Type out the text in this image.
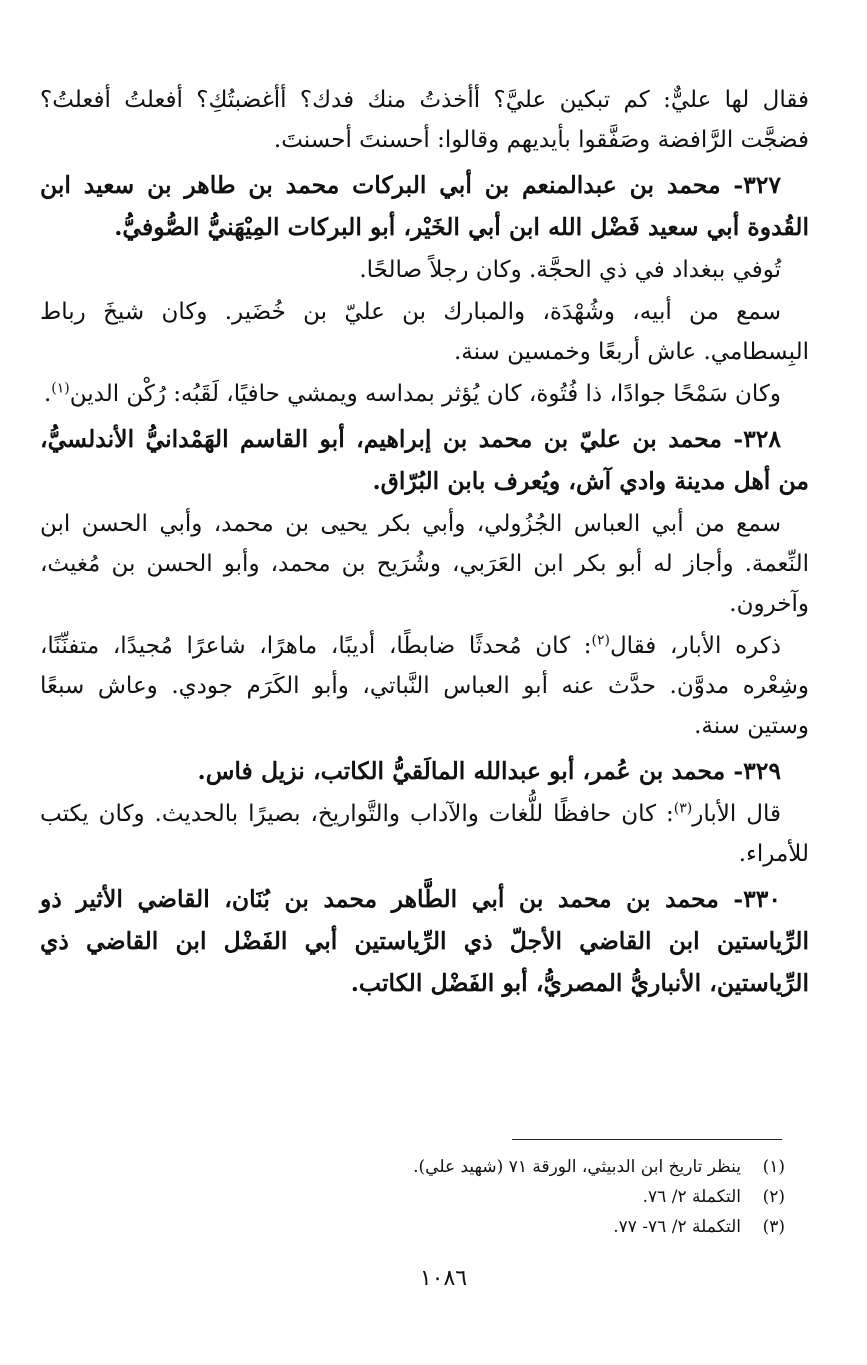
فقال لها عليٌّ: كم تبكين عليَّ؟ أأخذتُ منك فدك؟ أأغضبتُكِ؟ أفعلتُ أفعلتُ؟ فضجَّت الرَّافضة وصَفَّقوا بأيديهم وقالوا: أحسنتَ أحسنتَ.

٣٢٧- محمد بن عبدالمنعم بن أبي البركات محمد بن طاهر بن سعيد ابن القُدوة أبي سعيد فَضْل الله ابن أبي الخَيْر، أبو البركات المِيْهَنيُّ الصُّوفيُّ.

تُوفي ببغداد في ذي الحجَّة. وكان رجلاً صالحًا.

سمع من أبيه، وشُهْدَة، والمبارك بن عليّ بن خُضَير. وكان شيخَ رباط البِسطامي. عاش أربعًا وخمسين سنة.

وكان سَمْحًا جوادًا، ذا فُتُوة، كان يُؤثر بمداسه ويمشي حافيًا، لَقَبُه: رُكْن الدين$^{(١)}$.

٣٢٨- محمد بن عليّ بن محمد بن إبراهيم، أبو القاسم الهَمْدانيُّ الأندلسيُّ، من أهل مدينة وادي آش، ويُعرف بابن البُرّاق.

سمع من أبي العباس الجُزُولي، وأبي بكر يحيى بن محمد، وأبي الحسن ابن النِّعمة. وأجاز له أبو بكر ابن العَرَبي، وشُرَيح بن محمد، وأبو الحسن بن مُغيث، وآخرون.

ذكره الأبار، فقال$^{(٢)}$: كان مُحدثًا ضابطًا، أديبًا، ماهرًا، شاعرًا مُجيدًا، متفنِّنًا، وشِعْره مدوَّن. حدَّث عنه أبو العباس النَّباتي، وأبو الكَرَم جودي. وعاش سبعًا وستين سنة.

٣٢٩- محمد بن عُمر، أبو عبدالله المالَقيُّ الكاتب، نزيل فاس.

قال الأبار$^{(٣)}$: كان حافظًا للُّغات والآداب والتَّواريخ، بصيرًا بالحديث. وكان يكتب للأمراء.

٣٣٠- محمد بن محمد بن أبي الطَّاهر محمد بن بُنَان، القاضي الأثير ذو الرِّياستين ابن القاضي الأجلّ ذي الرِّياستين أبي الفَضْل ابن القاضي ذي الرِّياستين، الأنباريُّ المصريُّ، أبو الفَضْل الكاتب.

(١)
ينظر تاريخ ابن الدبيثي، الورقة ٧١ (شهيد علي).
(٢)
التكملة ٢/ ٧٦.
(٣)
التكملة ٢/ ٧٦- ٧٧.
١٠٨٦
